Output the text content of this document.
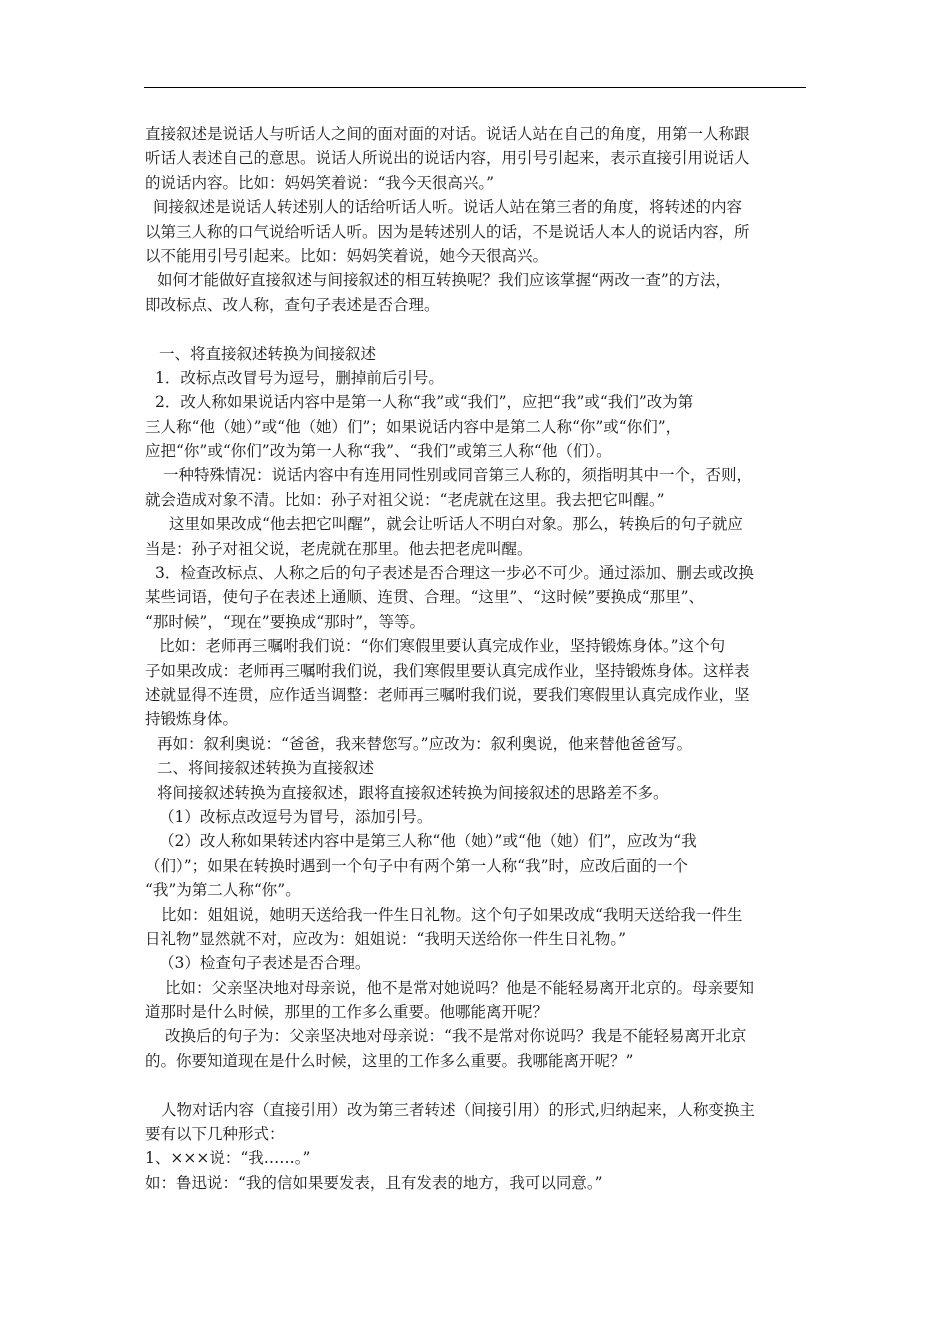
直接叙述是说话人与听话人之间的面对面的对话。说话人站在自己的角度，用第一人称跟
听话人表述自己的意思。说话人所说出的说话内容，用引号引起来，表示直接引用说话人
的说话内容。比如：妈妈笑着说：“我今天很高兴。”
间接叙述是说话人转述别人的话给听话人听。说话人站在第三者的角度，将转述的内容
以第三人称的口气说给听话人听。因为是转述别人的话，不是说话人本人的说话内容，所
以不能用引号引起来。比如：妈妈笑着说，她今天很高兴。
如何才能做好直接叙述与间接叙述的相互转换呢？我们应该掌握“两改一查”的方法，
即改标点、改人称，查句子表述是否合理。
一、将直接叙述转换为间接叙述
1．改标点改冒号为逗号，删掉前后引号。
2．改人称如果说话内容中是第一人称“我”或“我们”，应把“我”或“我们”改为第
三人称“他（她）”或“他（她）们”；如果说话内容中是第二人称“你”或“你们”，
应把“你”或“你们”改为第一人称“我”、“我们”或第三人称“他（们）。
一种特殊情况：说话内容中有连用同性别或同音第三人称的，须指明其中一个，否则，
就会造成对象不清。比如：孙子对祖父说：“老虎就在这里。我去把它叫醒。”
这里如果改成“他去把它叫醒”，就会让听话人不明白对象。那么，转换后的句子就应
当是：孙子对祖父说，老虎就在那里。他去把老虎叫醒。
3．检查改标点、人称之后的句子表述是否合理这一步必不可少。通过添加、删去或改换
某些词语，使句子在表述上通顺、连贯、合理。“这里”、“这时候”要换成“那里”、
“那时候”，“现在”要换成“那时”，等等。
比如：老师再三嘱咐我们说：“你们寒假里要认真完成作业，坚持锻炼身体。”这个句
子如果改成：老师再三嘱咐我们说，我们寒假里要认真完成作业，坚持锻炼身体。这样表
述就显得不连贯，应作适当调整：老师再三嘱咐我们说，要我们寒假里认真完成作业，坚
持锻炼身体。
再如：叙利奥说：“爸爸，我来替您写。”应改为：叙利奥说，他来替他爸爸写。
二、将间接叙述转换为直接叙述
将间接叙述转换为直接叙述，跟将直接叙述转换为间接叙述的思路差不多。
（1）改标点改逗号为冒号，添加引号。
（2）改人称如果转述内容中是第三人称“他（她）”或“他（她）们”，应改为“我
（们）”；如果在转换时遇到一个句子中有两个第一人称“我”时，应改后面的一个
“我”为第二人称“你”。
比如：姐姐说，她明天送给我一件生日礼物。这个句子如果改成“我明天送给我一件生
日礼物”显然就不对，应改为：姐姐说：“我明天送给你一件生日礼物。”
（3）检查句子表述是否合理。
比如：父亲坚决地对母亲说，他不是常对她说吗？他是不能轻易离开北京的。母亲要知
道那时是什么时候，那里的工作多么重要。他哪能离开呢？
改换后的句子为：父亲坚决地对母亲说：“我不是常对你说吗？我是不能轻易离开北京
的。你要知道现在是什么时候，这里的工作多么重要。我哪能离开呢？”
人物对话内容（直接引用）改为第三者转述（间接引用）的形式,归纳起来，人称变换主
要有以下几种形式：
1、×××说：“我……。”
如：鲁迅说：“我的信如果要发表，且有发表的地方，我可以同意。”
